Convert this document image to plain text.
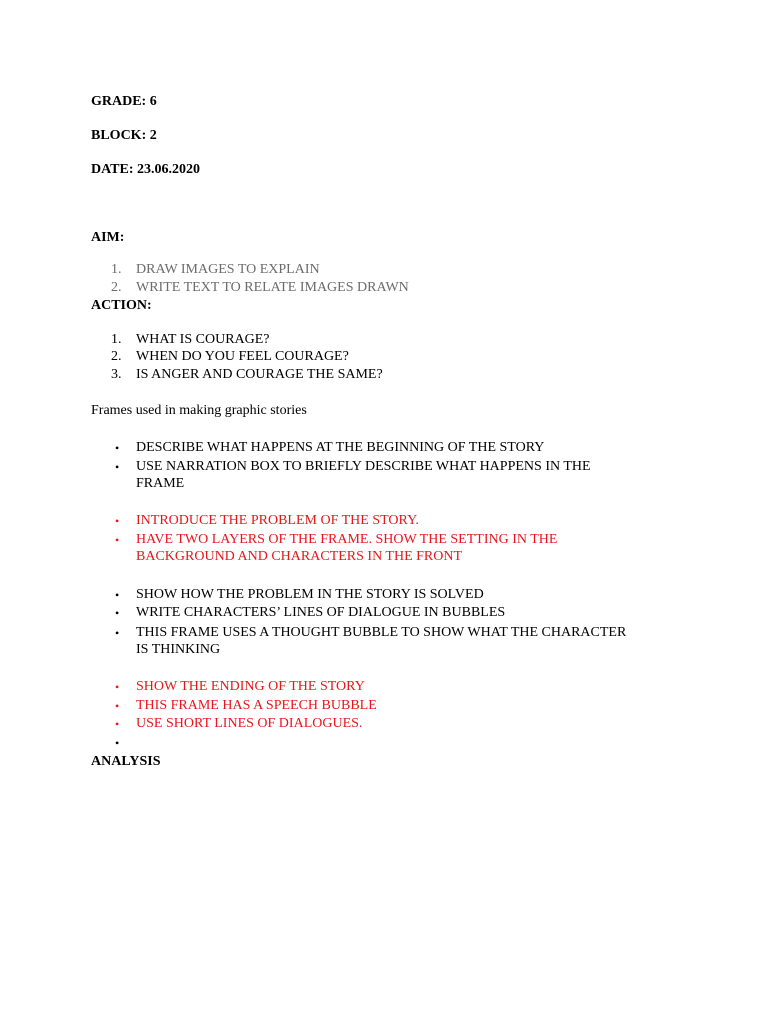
GRADE: 6
BLOCK: 2
DATE: 23.06.2020
AIM:
1. DRAW IMAGES TO EXPLAIN
2. WRITE TEXT TO RELATE IMAGES DRAWN
ACTION:
1. WHAT IS COURAGE?
2. WHEN DO YOU FEEL COURAGE?
3. IS ANGER AND COURAGE THE SAME?
Frames used in making graphic stories
• DESCRIBE WHAT HAPPENS AT THE BEGINNING OF THE STORY
• USE NARRATION BOX TO BRIEFLY DESCRIBE WHAT HAPPENS IN THE
FRAME
• INTRODUCE THE PROBLEM OF THE STORY.
• HAVE TWO LAYERS OF THE FRAME. SHOW THE SETTING IN THE
BACKGROUND AND CHARACTERS IN THE FRONT
• SHOW HOW THE PROBLEM IN THE STORY IS SOLVED
• WRITE CHARACTERS’ LINES OF DIALOGUE IN BUBBLES
• THIS FRAME USES A THOUGHT BUBBLE TO SHOW WHAT THE CHARACTER
IS THINKING
• SHOW THE ENDING OF THE STORY
• THIS FRAME HAS A SPEECH BUBBLE
• USE SHORT LINES OF DIALOGUES.
•
ANALYSIS
